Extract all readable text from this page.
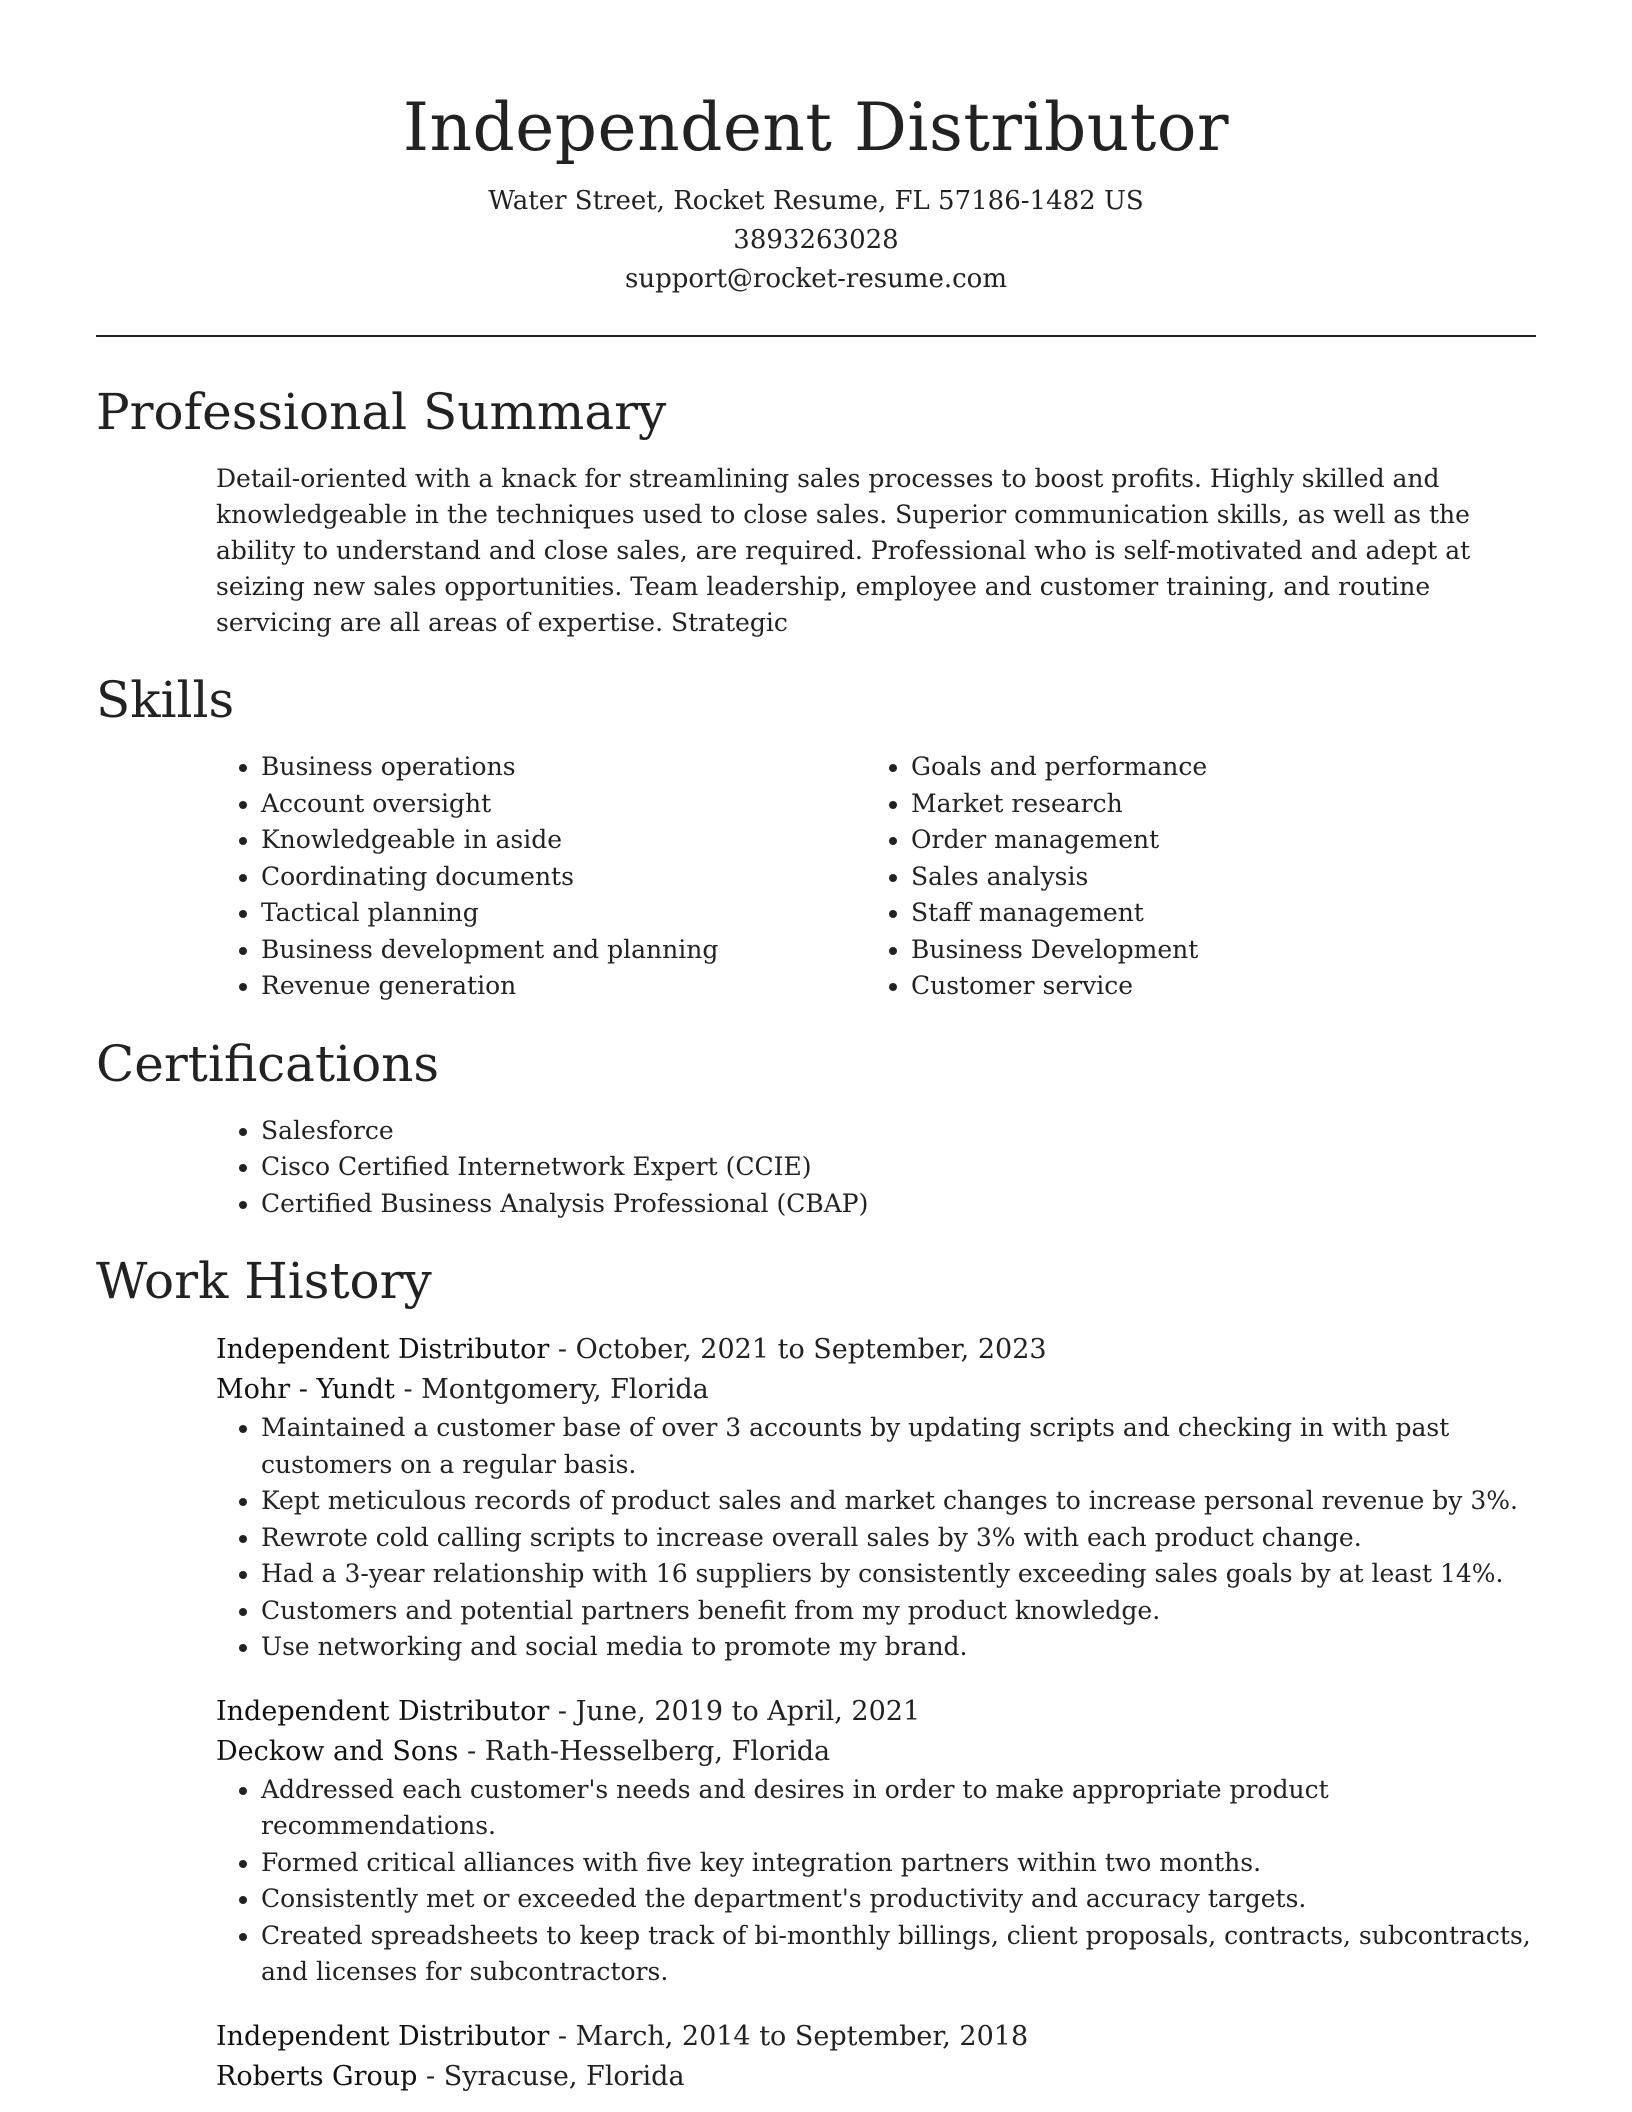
Independent Distributor
Water Street, Rocket Resume, FL 57186-1482 US
3893263028
support@rocket-resume.com
Professional Summary

Detail-oriented with a knack for streamlining sales processes to boost profits. Highly skilled and knowledgeable in the techniques used to close sales. Superior communication skills, as well as the ability to understand and close sales, are required. Professional who is self-motivated and adept at seizing new sales opportunities. Team leadership, employee and customer training, and routine servicing are all areas of expertise. Strategic

Skills
• Business operations
• Account oversight
• Knowledgeable in aside
• Coordinating documents
• Tactical planning
• Business development and planning
• Revenue generation
• Goals and performance
• Market research
• Order management
• Sales analysis
• Staff management
• Business Development
• Customer service
Certifications
• Salesforce
• Cisco Certified Internetwork Expert (CCIE)
• Certified Business Analysis Professional (CBAP)
Work History
Independent Distributor - October, 2021 to September, 2023
Mohr - Yundt - Montgomery, Florida
• Maintained a customer base of over 3 accounts by updating scripts and checking in with past customers on a regular basis.
• Kept meticulous records of product sales and market changes to increase personal revenue by 3%.
• Rewrote cold calling scripts to increase overall sales by 3% with each product change.
• Had a 3-year relationship with 16 suppliers by consistently exceeding sales goals by at least 14%.
• Customers and potential partners benefit from my product knowledge.
• Use networking and social media to promote my brand.
Independent Distributor - June, 2019 to April, 2021
Deckow and Sons - Rath-Hesselberg, Florida
• Addressed each customer's needs and desires in order to make appropriate product recommendations.
• Formed critical alliances with five key integration partners within two months.
• Consistently met or exceeded the department's productivity and accuracy targets.
• Created spreadsheets to keep track of bi-monthly billings, client proposals, contracts, subcontracts, and licenses for subcontractors.
Independent Distributor - March, 2014 to September, 2018
Roberts Group - Syracuse, Florida
